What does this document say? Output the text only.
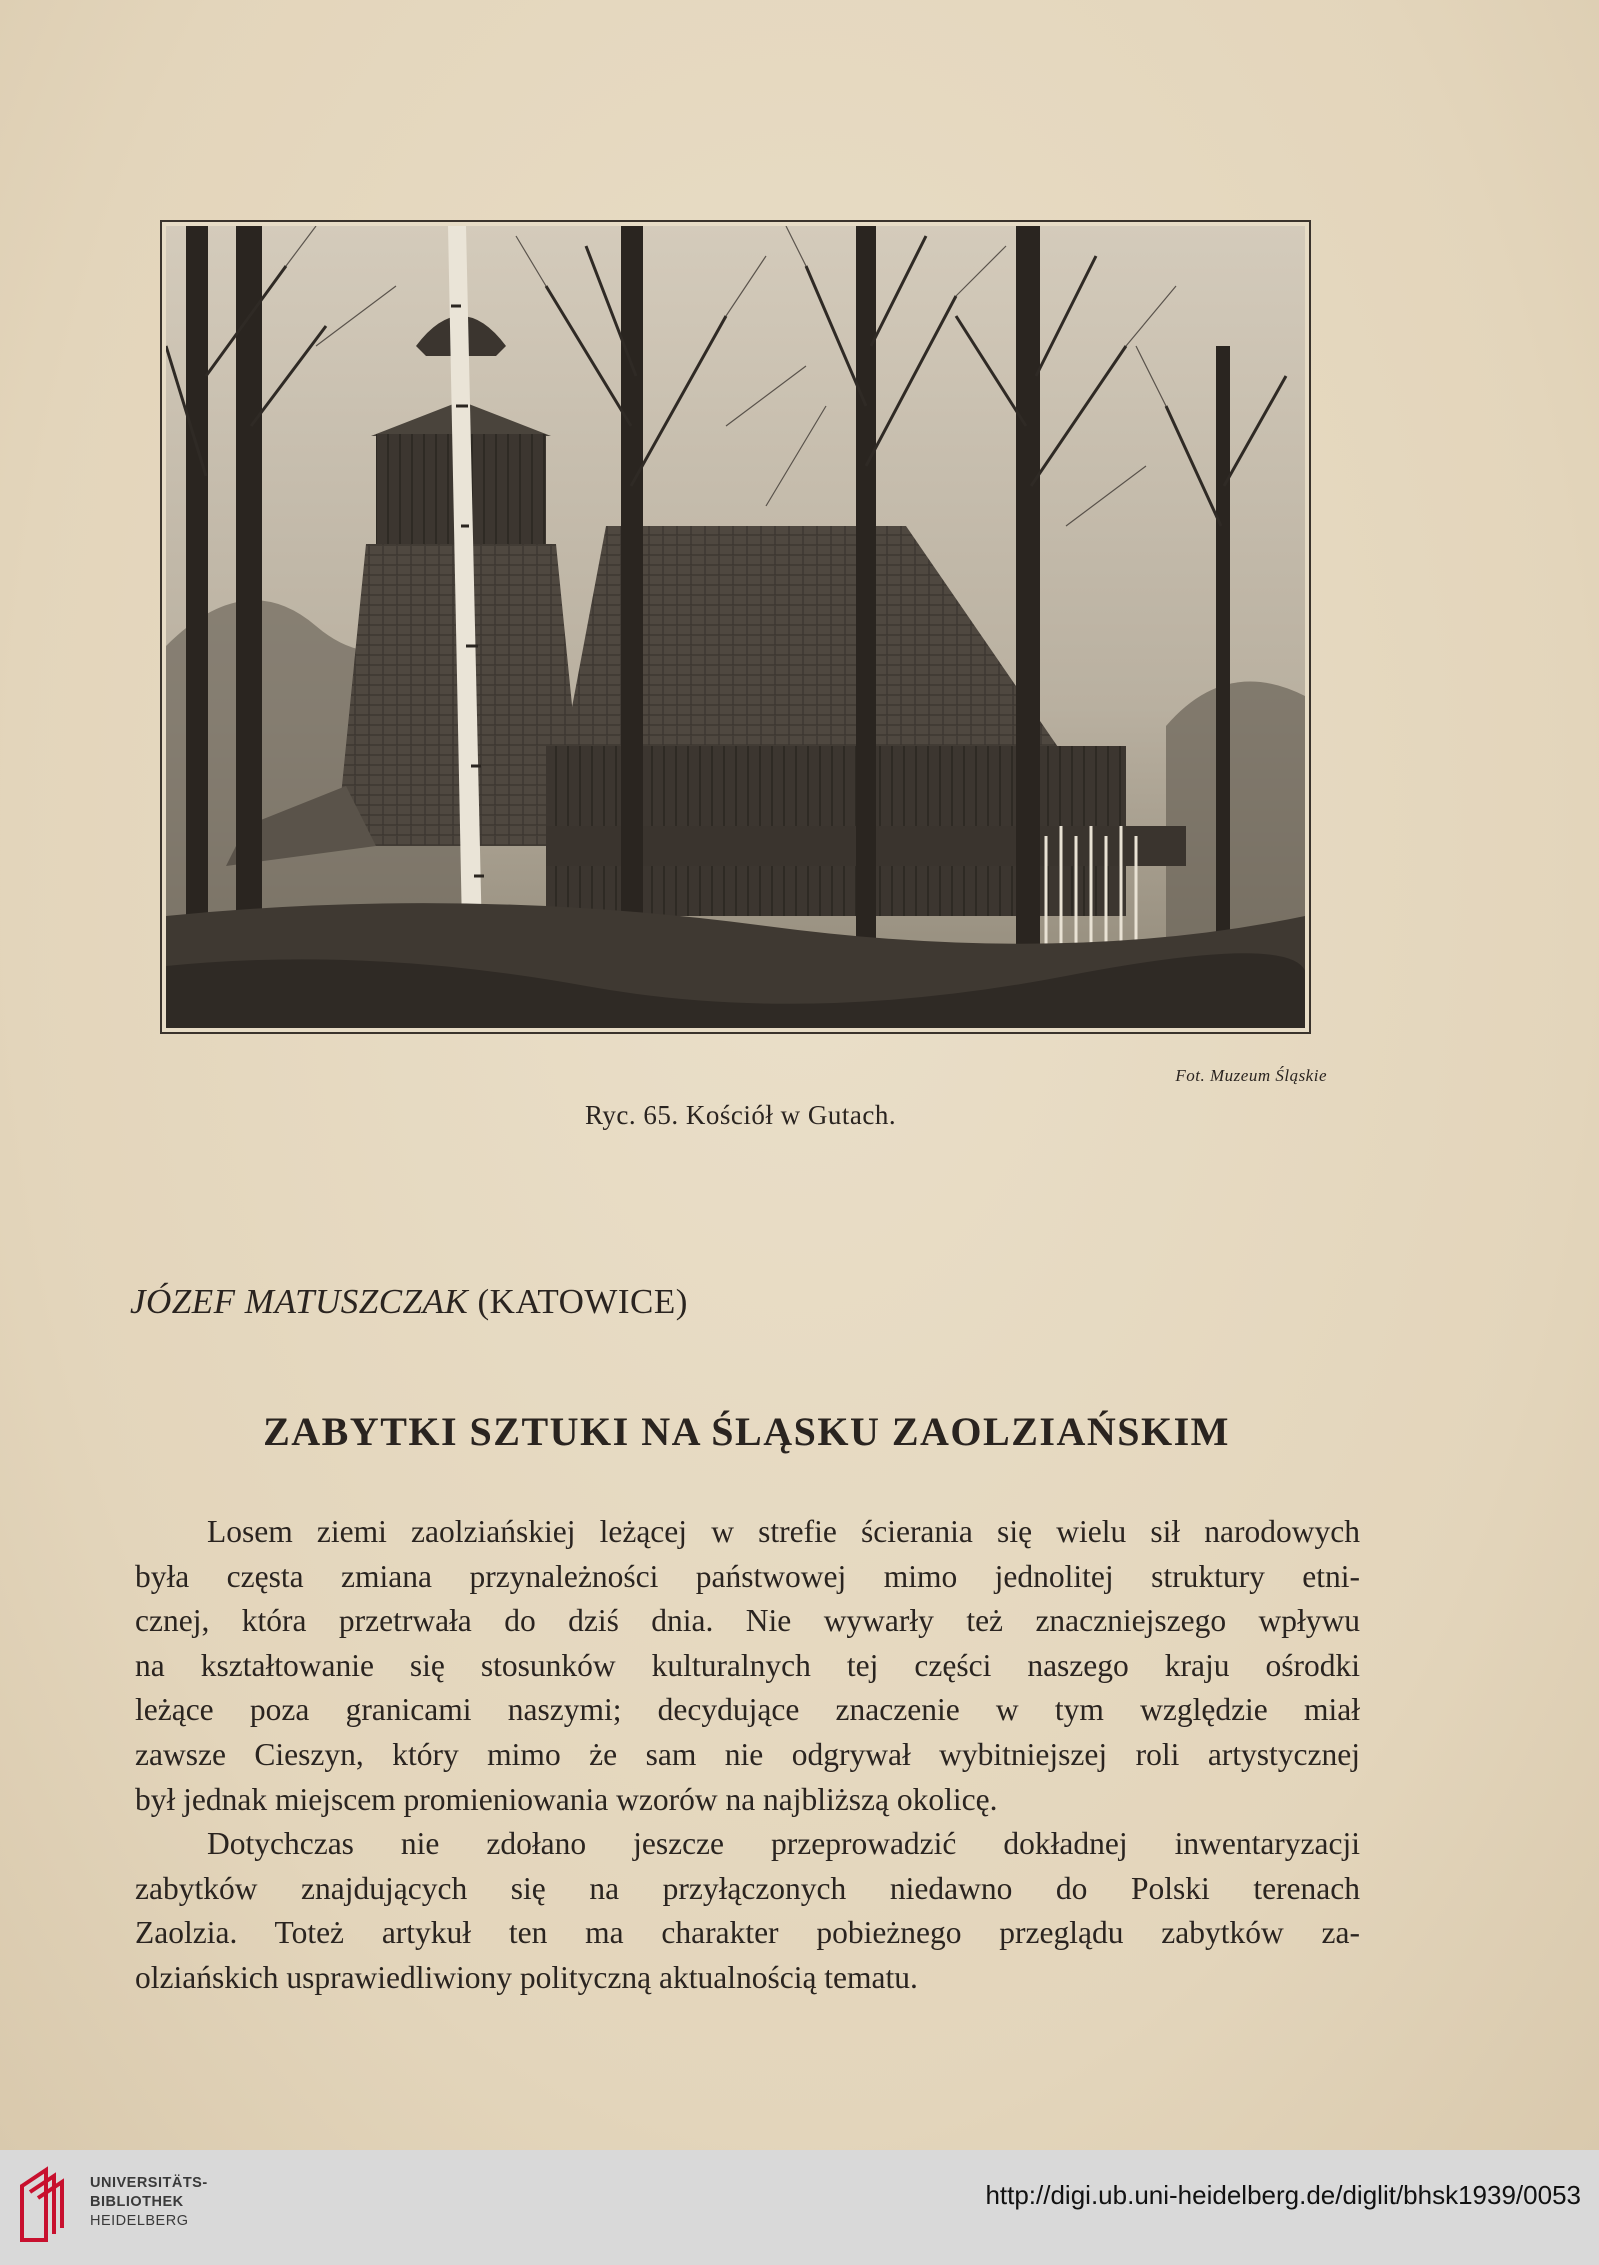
Fot. Muzeum Śląskie
Ryc. 65. Kościół w Gutach.
JÓZEF MATUSZCZAK (KATOWICE)
ZABYTKI SZTUKI NA ŚLĄSKU ZAOLZIAŃSKIM
Losem ziemi zaolziańskiej leżącej w strefie ścierania się wielu sił narodowych
była częsta zmiana przynależności państwowej mimo jednolitej struktury etni-
cznej, która przetrwała do dziś dnia. Nie wywarły też znaczniejszego wpływu
na kształtowanie się stosunków kulturalnych tej części naszego kraju ośrodki
leżące poza granicami naszymi; decydujące znaczenie w tym względzie miał
zawsze Cieszyn, który mimo że sam nie odgrywał wybitniejszej roli artystycznej
był jednak miejscem promieniowania wzorów na najbliższą okolicę.
Dotychczas nie zdołano jeszcze przeprowadzić dokładnej inwentaryzacji
zabytków znajdujących się na przyłączonych niedawno do Polski terenach
Zaolzia. Toteż artykuł ten ma charakter pobieżnego przeglądu zabytków za-
olziańskich usprawiedliwiony polityczną aktualnością tematu.
UNIVERSITÄTS-
BIBLIOTHEK
HEIDELBERG
http://digi.ub.uni-heidelberg.de/diglit/bhsk1939/0053
